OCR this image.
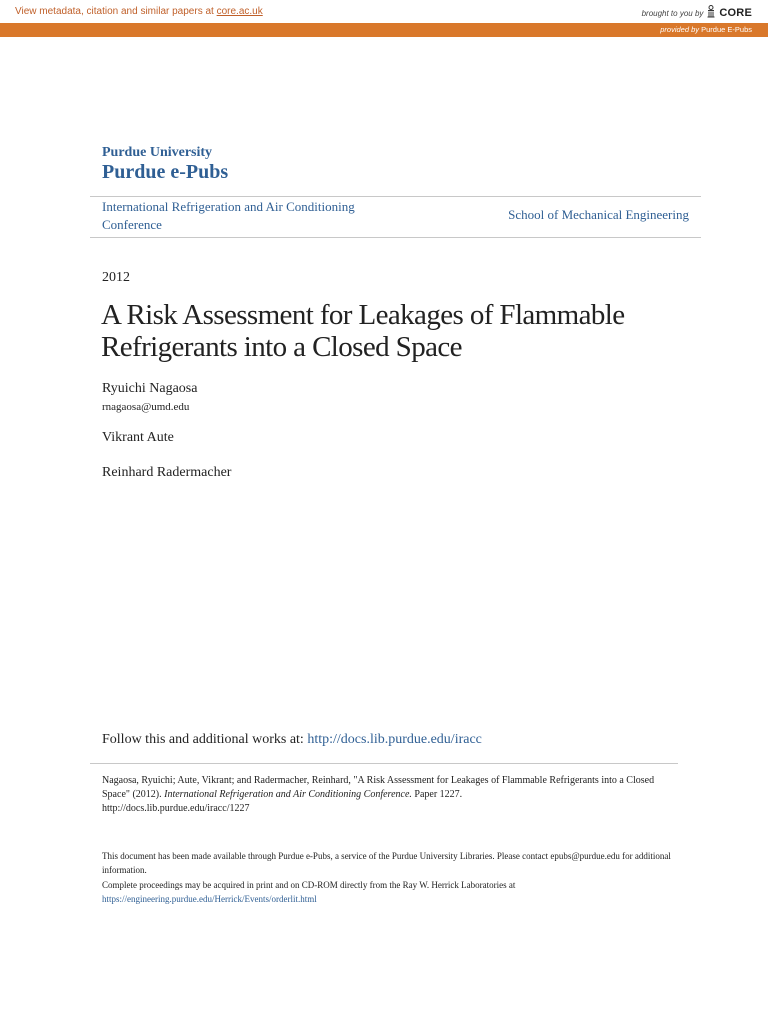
View metadata, citation and similar papers at core.ac.uk	brought to you by CORE
provided by Purdue E-Pubs
Purdue University
Purdue e-Pubs
International Refrigeration and Air Conditioning Conference
School of Mechanical Engineering
2012
A Risk Assessment for Leakages of Flammable Refrigerants into a Closed Space
Ryuichi Nagaosa
rnagaosa@umd.edu
Vikrant Aute
Reinhard Radermacher
Follow this and additional works at: http://docs.lib.purdue.edu/iracc
Nagaosa, Ryuichi; Aute, Vikrant; and Radermacher, Reinhard, "A Risk Assessment for Leakages of Flammable Refrigerants into a Closed Space" (2012). International Refrigeration and Air Conditioning Conference. Paper 1227.
http://docs.lib.purdue.edu/iracc/1227
This document has been made available through Purdue e-Pubs, a service of the Purdue University Libraries. Please contact epubs@purdue.edu for additional information.
Complete proceedings may be acquired in print and on CD-ROM directly from the Ray W. Herrick Laboratories at https://engineering.purdue.edu/Herrick/Events/orderlit.html
